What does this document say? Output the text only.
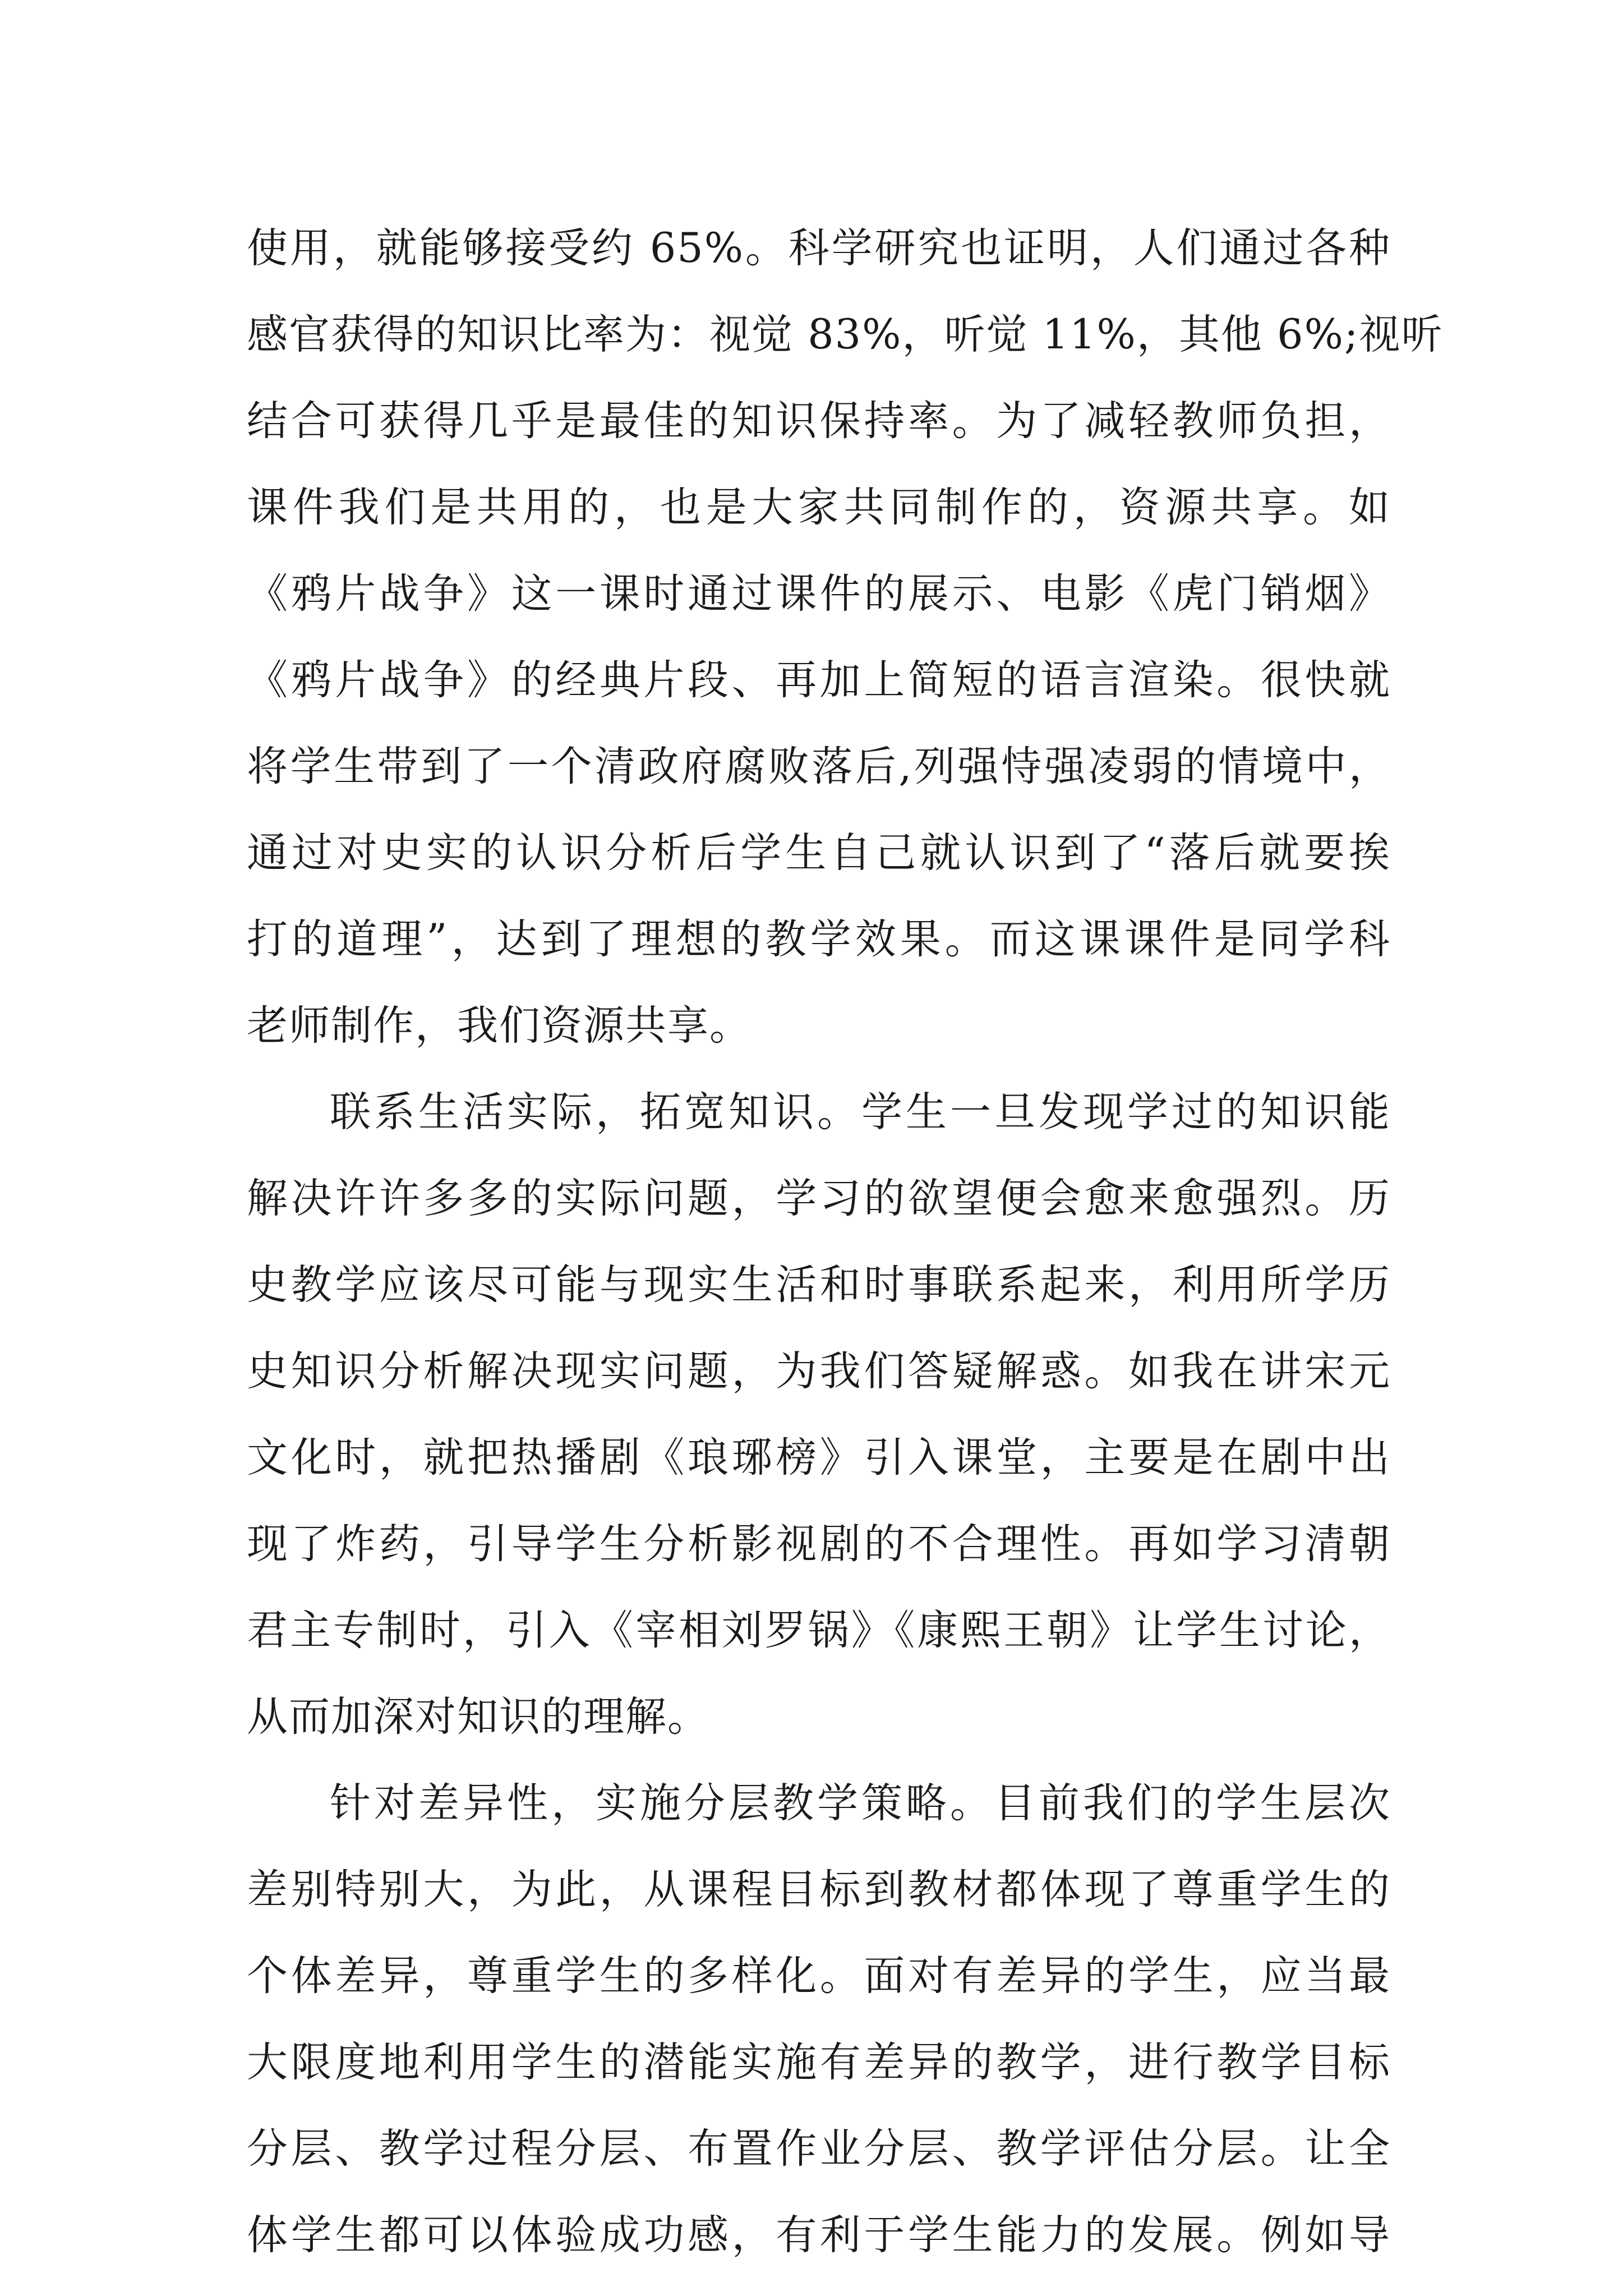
使用，就能够接受约 65%。科学研究也证明，人们通过各种
感官获得的知识比率为：视觉 83%，听觉 11%，其他 6%;视听
结合可获得几乎是最佳的知识保持率。为了减轻教师负担，
课件我们是共用的，也是大家共同制作的，资源共享。如
《鸦片战争》这一课时通过课件的展示、电影《虎门销烟》
《鸦片战争》的经典片段、再加上简短的语言渲染。很快就
将学生带到了一个清政府腐败落后,列强恃强凌弱的情境中，
通过对史实的认识分析后学生自己就认识到了“落后就要挨
打的道理”，达到了理想的教学效果。而这课课件是同学科
老师制作，我们资源共享。
联系生活实际，拓宽知识。学生一旦发现学过的知识能
解决许许多多的实际问题，学习的欲望便会愈来愈强烈。历
史教学应该尽可能与现实生活和时事联系起来，利用所学历
史知识分析解决现实问题，为我们答疑解惑。如我在讲宋元
文化时，就把热播剧《琅琊榜》引入课堂，主要是在剧中出
现了炸药，引导学生分析影视剧的不合理性。再如学习清朝
君主专制时，引入《宰相刘罗锅》《康熙王朝》让学生讨论，
从而加深对知识的理解。
针对差异性，实施分层教学策略。目前我们的学生层次
差别特别大，为此，从课程目标到教材都体现了尊重学生的
个体差异，尊重学生的多样化。面对有差异的学生，应当最
大限度地利用学生的潜能实施有差异的教学，进行教学目标
分层、教学过程分层、布置作业分层、教学评估分层。让全
体学生都可以体验成功感，有利于学生能力的发展。例如导
